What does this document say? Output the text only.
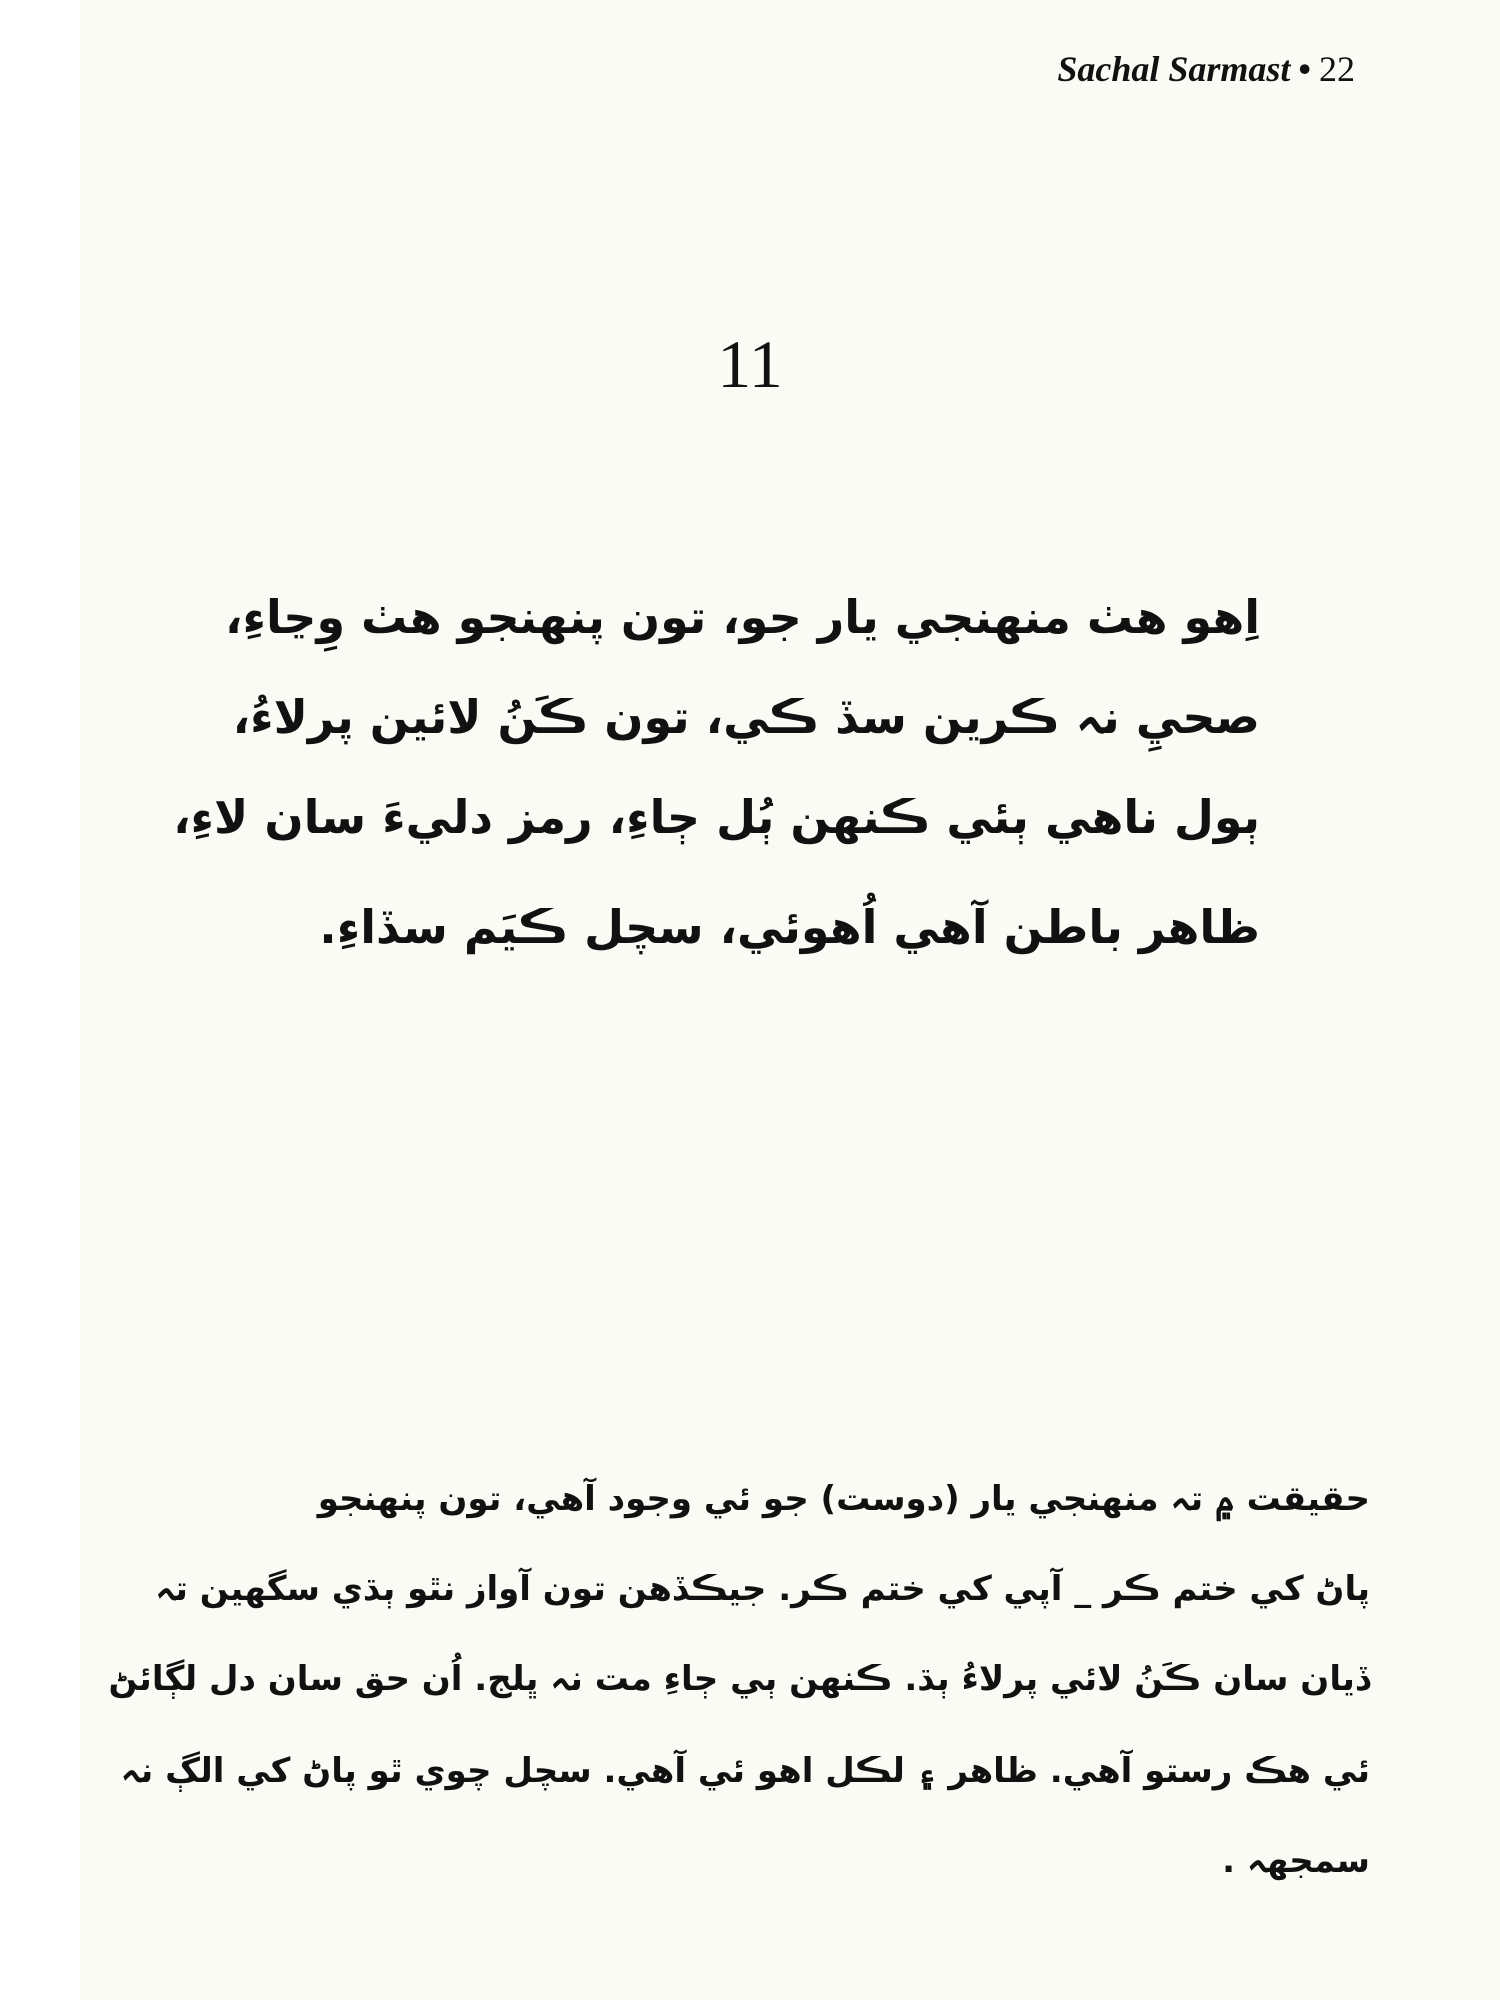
Sachal Sarmast • 22
11
اِهو هٺ منهنجي يار جو، تون پنهنجو هٺ وِڃاءِ،
صحيِ نہ ڪرين سڏ ڪي، تون ڪَنُ لائين پرلاءُ،
ٻول ناهي ٻئي ڪنهن ٻُل ڄاءِ، رمز دليءَ سان لاءِ،
ظاهر باطن آهي اُهوئي، سچل ڪيَم سڏاءِ.
حقيقت ۾ تہ منهنجي يار (دوست) جو ئي وجود آهي، تون پنهنجو
پاڻ کي ختم ڪر _ آپي کي ختم ڪر. جيڪڏهن تون آواز نٿو ٻڌي سگهين تہ
ڏيان سان ڪَنُ لائي پرلاءُ ٻڌ. ڪنهن ٻي ڄاءِ مت نہ ڀلج. اُن حق سان دل لڳائڻ
ئي هڪ رستو آهي. ظاهر ۽ لڪل اهو ئي آهي. سچل چوي ٿو پاڻ کي الڳ نہ
سمجهہ .
